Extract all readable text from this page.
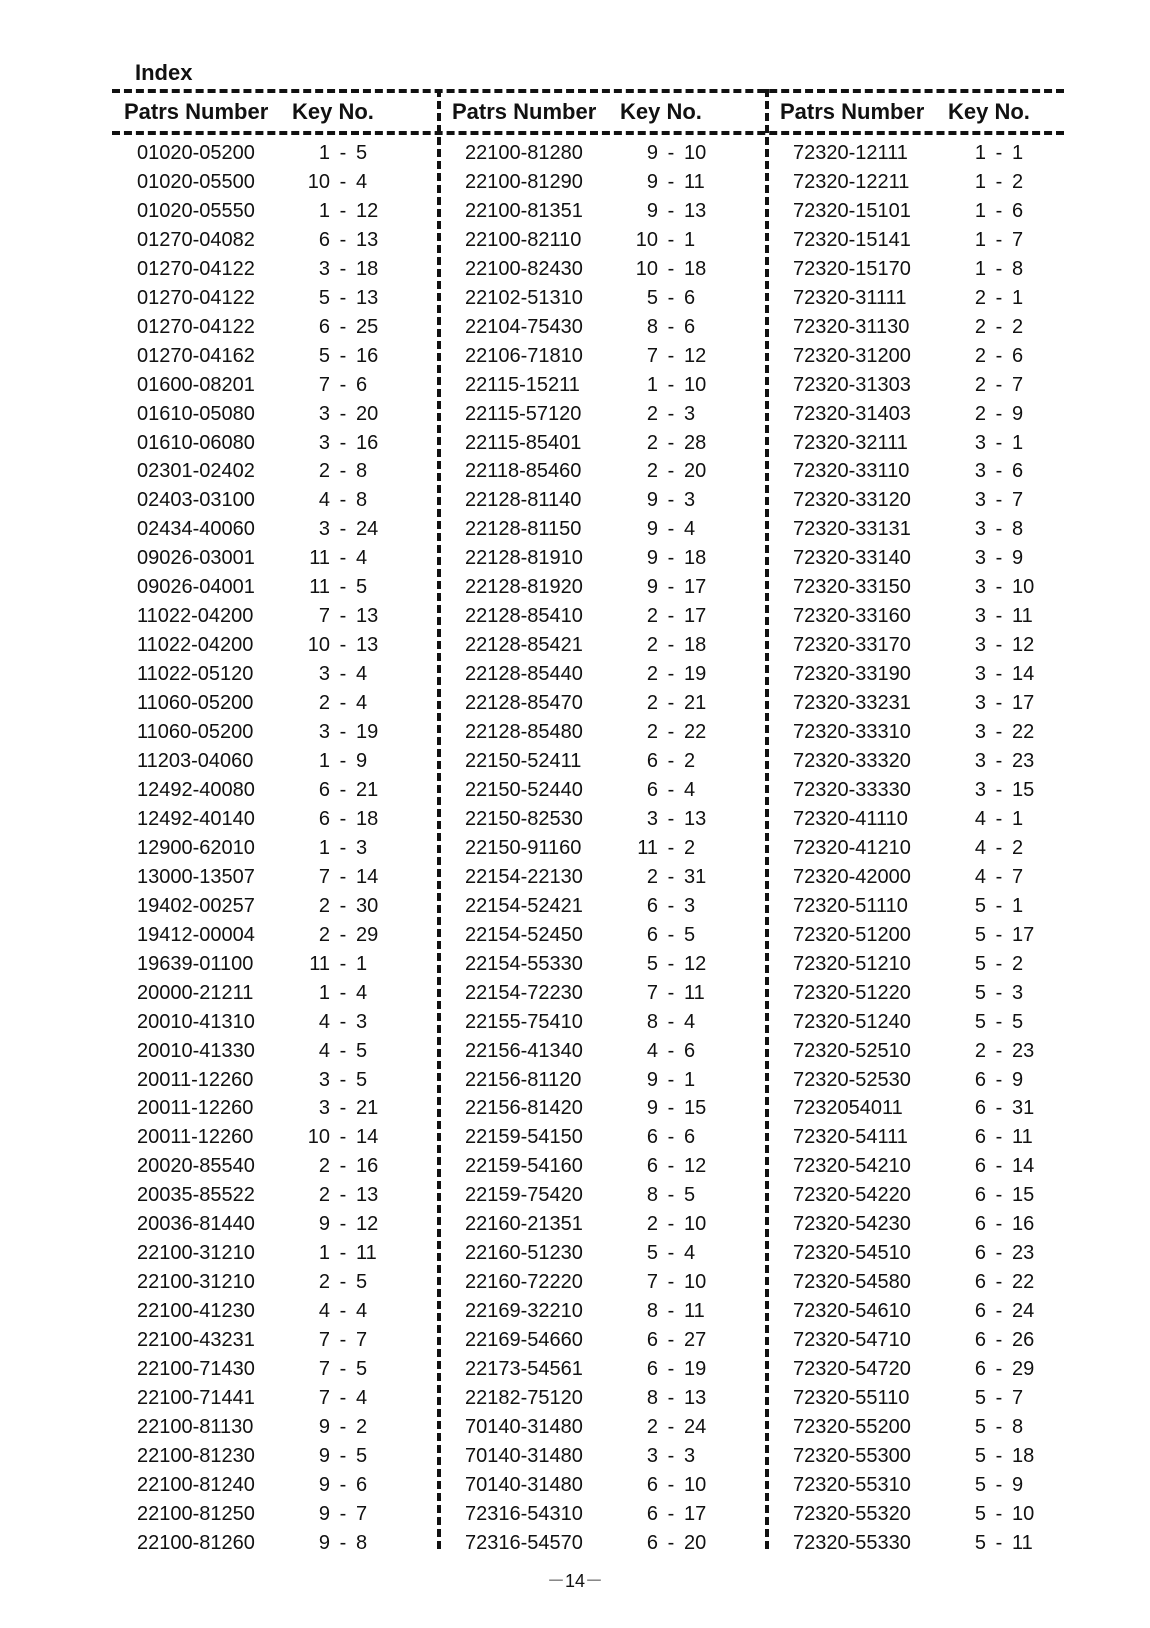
Index
Patrs Number Key No.
01020-05200	1 - 5
01020-05500	10 - 4
01020-05550	1 - 12
01270-04082	6 - 13
01270-04122	3 - 18
01270-04122	5 - 13
01270-04122	6 - 25
01270-04162	5 - 16
01600-08201	7 - 6
01610-05080	3 - 20
01610-06080	3 - 16
02301-02402	2 - 8
02403-03100	4 - 8
02434-40060	3 - 24
09026-03001	11 - 4
09026-04001	11 - 5
11022-04200	7 - 13
11022-04200	10 - 13
11022-05120	3 - 4
11060-05200	2 - 4
11060-05200	3 - 19
11203-04060	1 - 9
12492-40080	6 - 21
12492-40140	6 - 18
12900-62010	1 - 3
13000-13507	7 - 14
19402-00257	2 - 30
19412-00004	2 - 29
19639-01100	11 - 1
20000-21211	1 - 4
20010-41310	4 - 3
20010-41330	4 - 5
20011-12260	3 - 5
20011-12260	3 - 21
20011-12260	10 - 14
20020-85540	2 - 16
20035-85522	2 - 13
20036-81440	9 - 12
22100-31210	1 - 11
22100-31210	2 - 5
22100-41230	4 - 4
22100-43231	7 - 7
22100-71430	7 - 5
22100-71441	7 - 4
22100-81130	9 - 2
22100-81230	9 - 5
22100-81240	9 - 6
22100-81250	9 - 7
22100-81260	9 - 8
Patrs Number Key No.
22100-81280	9 - 10
22100-81290	9 - 11
22100-81351	9 - 13
22100-82110	10 - 1
22100-82430	10 - 18
22102-51310	5 - 6
22104-75430	8 - 6
22106-71810	7 - 12
22115-15211	1 - 10
22115-57120	2 - 3
22115-85401	2 - 28
22118-85460	2 - 20
22128-81140	9 - 3
22128-81150	9 - 4
22128-81910	9 - 18
22128-81920	9 - 17
22128-85410	2 - 17
22128-85421	2 - 18
22128-85440	2 - 19
22128-85470	2 - 21
22128-85480	2 - 22
22150-52411	6 - 2
22150-52440	6 - 4
22150-82530	3 - 13
22150-91160	11 - 2
22154-22130	2 - 31
22154-52421	6 - 3
22154-52450	6 - 5
22154-55330	5 - 12
22154-72230	7 - 11
22155-75410	8 - 4
22156-41340	4 - 6
22156-81120	9 - 1
22156-81420	9 - 15
22159-54150	6 - 6
22159-54160	6 - 12
22159-75420	8 - 5
22160-21351	2 - 10
22160-51230	5 - 4
22160-72220	7 - 10
22169-32210	8 - 11
22169-54660	6 - 27
22173-54561	6 - 19
22182-75120	8 - 13
70140-31480	2 - 24
70140-31480	3 - 3
70140-31480	6 - 10
72316-54310	6 - 17
72316-54570	6 - 20
Patrs Number Key No.
72320-12111	1 - 1
72320-12211	1 - 2
72320-15101	1 - 6
72320-15141	1 - 7
72320-15170	1 - 8
72320-31111	2 - 1
72320-31130	2 - 2
72320-31200	2 - 6
72320-31303	2 - 7
72320-31403	2 - 9
72320-32111	3 - 1
72320-33110	3 - 6
72320-33120	3 - 7
72320-33131	3 - 8
72320-33140	3 - 9
72320-33150	3 - 10
72320-33160	3 - 11
72320-33170	3 - 12
72320-33190	3 - 14
72320-33231	3 - 17
72320-33310	3 - 22
72320-33320	3 - 23
72320-33330	3 - 15
72320-41110	4 - 1
72320-41210	4 - 2
72320-42000	4 - 7
72320-51110	5 - 1
72320-51200	5 - 17
72320-51210	5 - 2
72320-51220	5 - 3
72320-51240	5 - 5
72320-52510	2 - 23
72320-52530	6 - 9
7232054011	6 - 31
72320-54111	6 - 11
72320-54210	6 - 14
72320-54220	6 - 15
72320-54230	6 - 16
72320-54510	6 - 23
72320-54580	6 - 22
72320-54610	6 - 24
72320-54710	6 - 26
72320-54720	6 - 29
72320-55110	5 - 7
72320-55200	5 - 8
72320-55300	5 - 18
72320-55310	5 - 9
72320-55320	5 - 10
72320-55330	5 - 11
－14－
